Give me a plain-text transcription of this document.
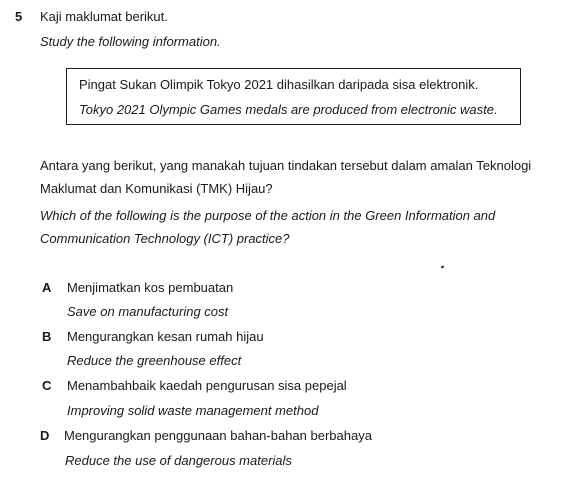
5 Kaji maklumat berikut.
Study the following information.
Pingat Sukan Olimpik Tokyo 2021 dihasilkan daripada sisa elektronik.
Tokyo 2021 Olympic Games medals are produced from electronic waste.
Antara yang berikut, yang manakah tujuan tindakan tersebut dalam amalan Teknologi
Maklumat dan Komunikasi (TMK) Hijau?
Which of the following is the purpose of the action in the Green Information and
Communication Technology (ICT) practice?
A Menjimatkan kos pembuatan
Save on manufacturing cost
B Mengurangkan kesan rumah hijau
Reduce the greenhouse effect
C Menambahbaik kaedah pengurusan sisa pepejal
Improving solid waste management method
D Mengurangkan penggunaan bahan-bahan berbahaya
Reduce the use of dangerous materials
